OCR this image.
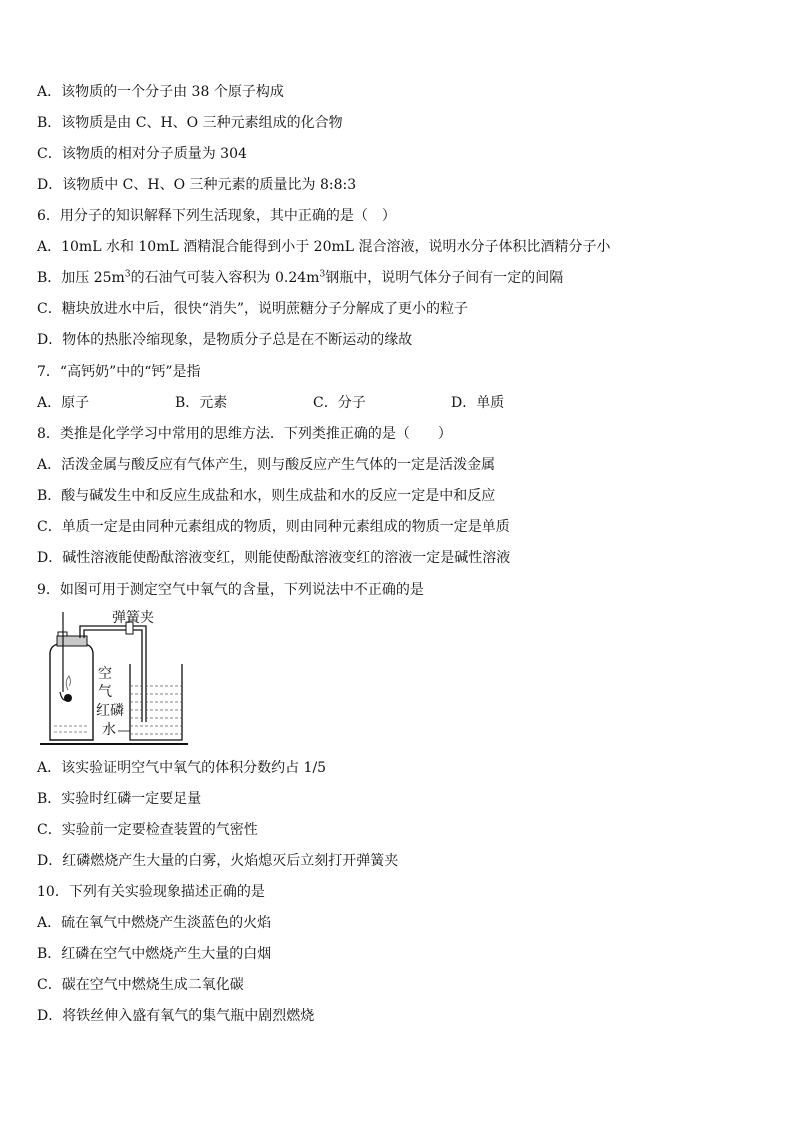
A．该物质的一个分子由 38 个原子构成
B．该物质是由 C、H、O 三种元素组成的化合物
C．该物质的相对分子质量为 304
D．该物质中 C、H、O 三种元素的质量比为 8:8:3
6．用分子的知识解释下列生活现象，其中正确的是（　）
A．10mL 水和 10mL 酒精混合能得到小于 20mL 混合溶液，说明水分子体积比酒精分子小
B．加压 $25m^3$的石油气可装入容积为 $0.24m^3$钢瓶中，说明气体分子间有一定的间隔
C．糖块放进水中后，很快“消失”，说明蔗糖分子分解成了更小的粒子
D．物体的热胀冷缩现象，是物质分子总是在不断运动的缘故
7．“高钙奶”中的“钙”是指
A．原子	B．元素	C．分子	D．单质
8．类推是化学学习中常用的思维方法．下列类推正确的是（　　）
A．活泼金属与酸反应有气体产生，则与酸反应产生气体的一定是活泼金属
B．酸与碱发生中和反应生成盐和水，则生成盐和水的反应一定是中和反应
C．单质一定是由同种元素组成的物质，则由同种元素组成的物质一定是单质
D．碱性溶液能使酚酞溶液变红，则能使酚酞溶液变红的溶液一定是碱性溶液
9．如图可用于测定空气中氧气的含量，下列说法中不正确的是
弹簧夹
空
气
红磷
水
A．该实验证明空气中氧气的体积分数约占 1/5
B．实验时红磷一定要足量
C．实验前一定要检查装置的气密性
D．红磷燃烧产生大量的白雾，火焰熄灭后立刻打开弹簧夹
10．下列有关实验现象描述正确的是
A．硫在氧气中燃烧产生淡蓝色的火焰
B．红磷在空气中燃烧产生大量的白烟
C．碳在空气中燃烧生成二氧化碳
D．将铁丝伸入盛有氧气的集气瓶中剧烈燃烧
